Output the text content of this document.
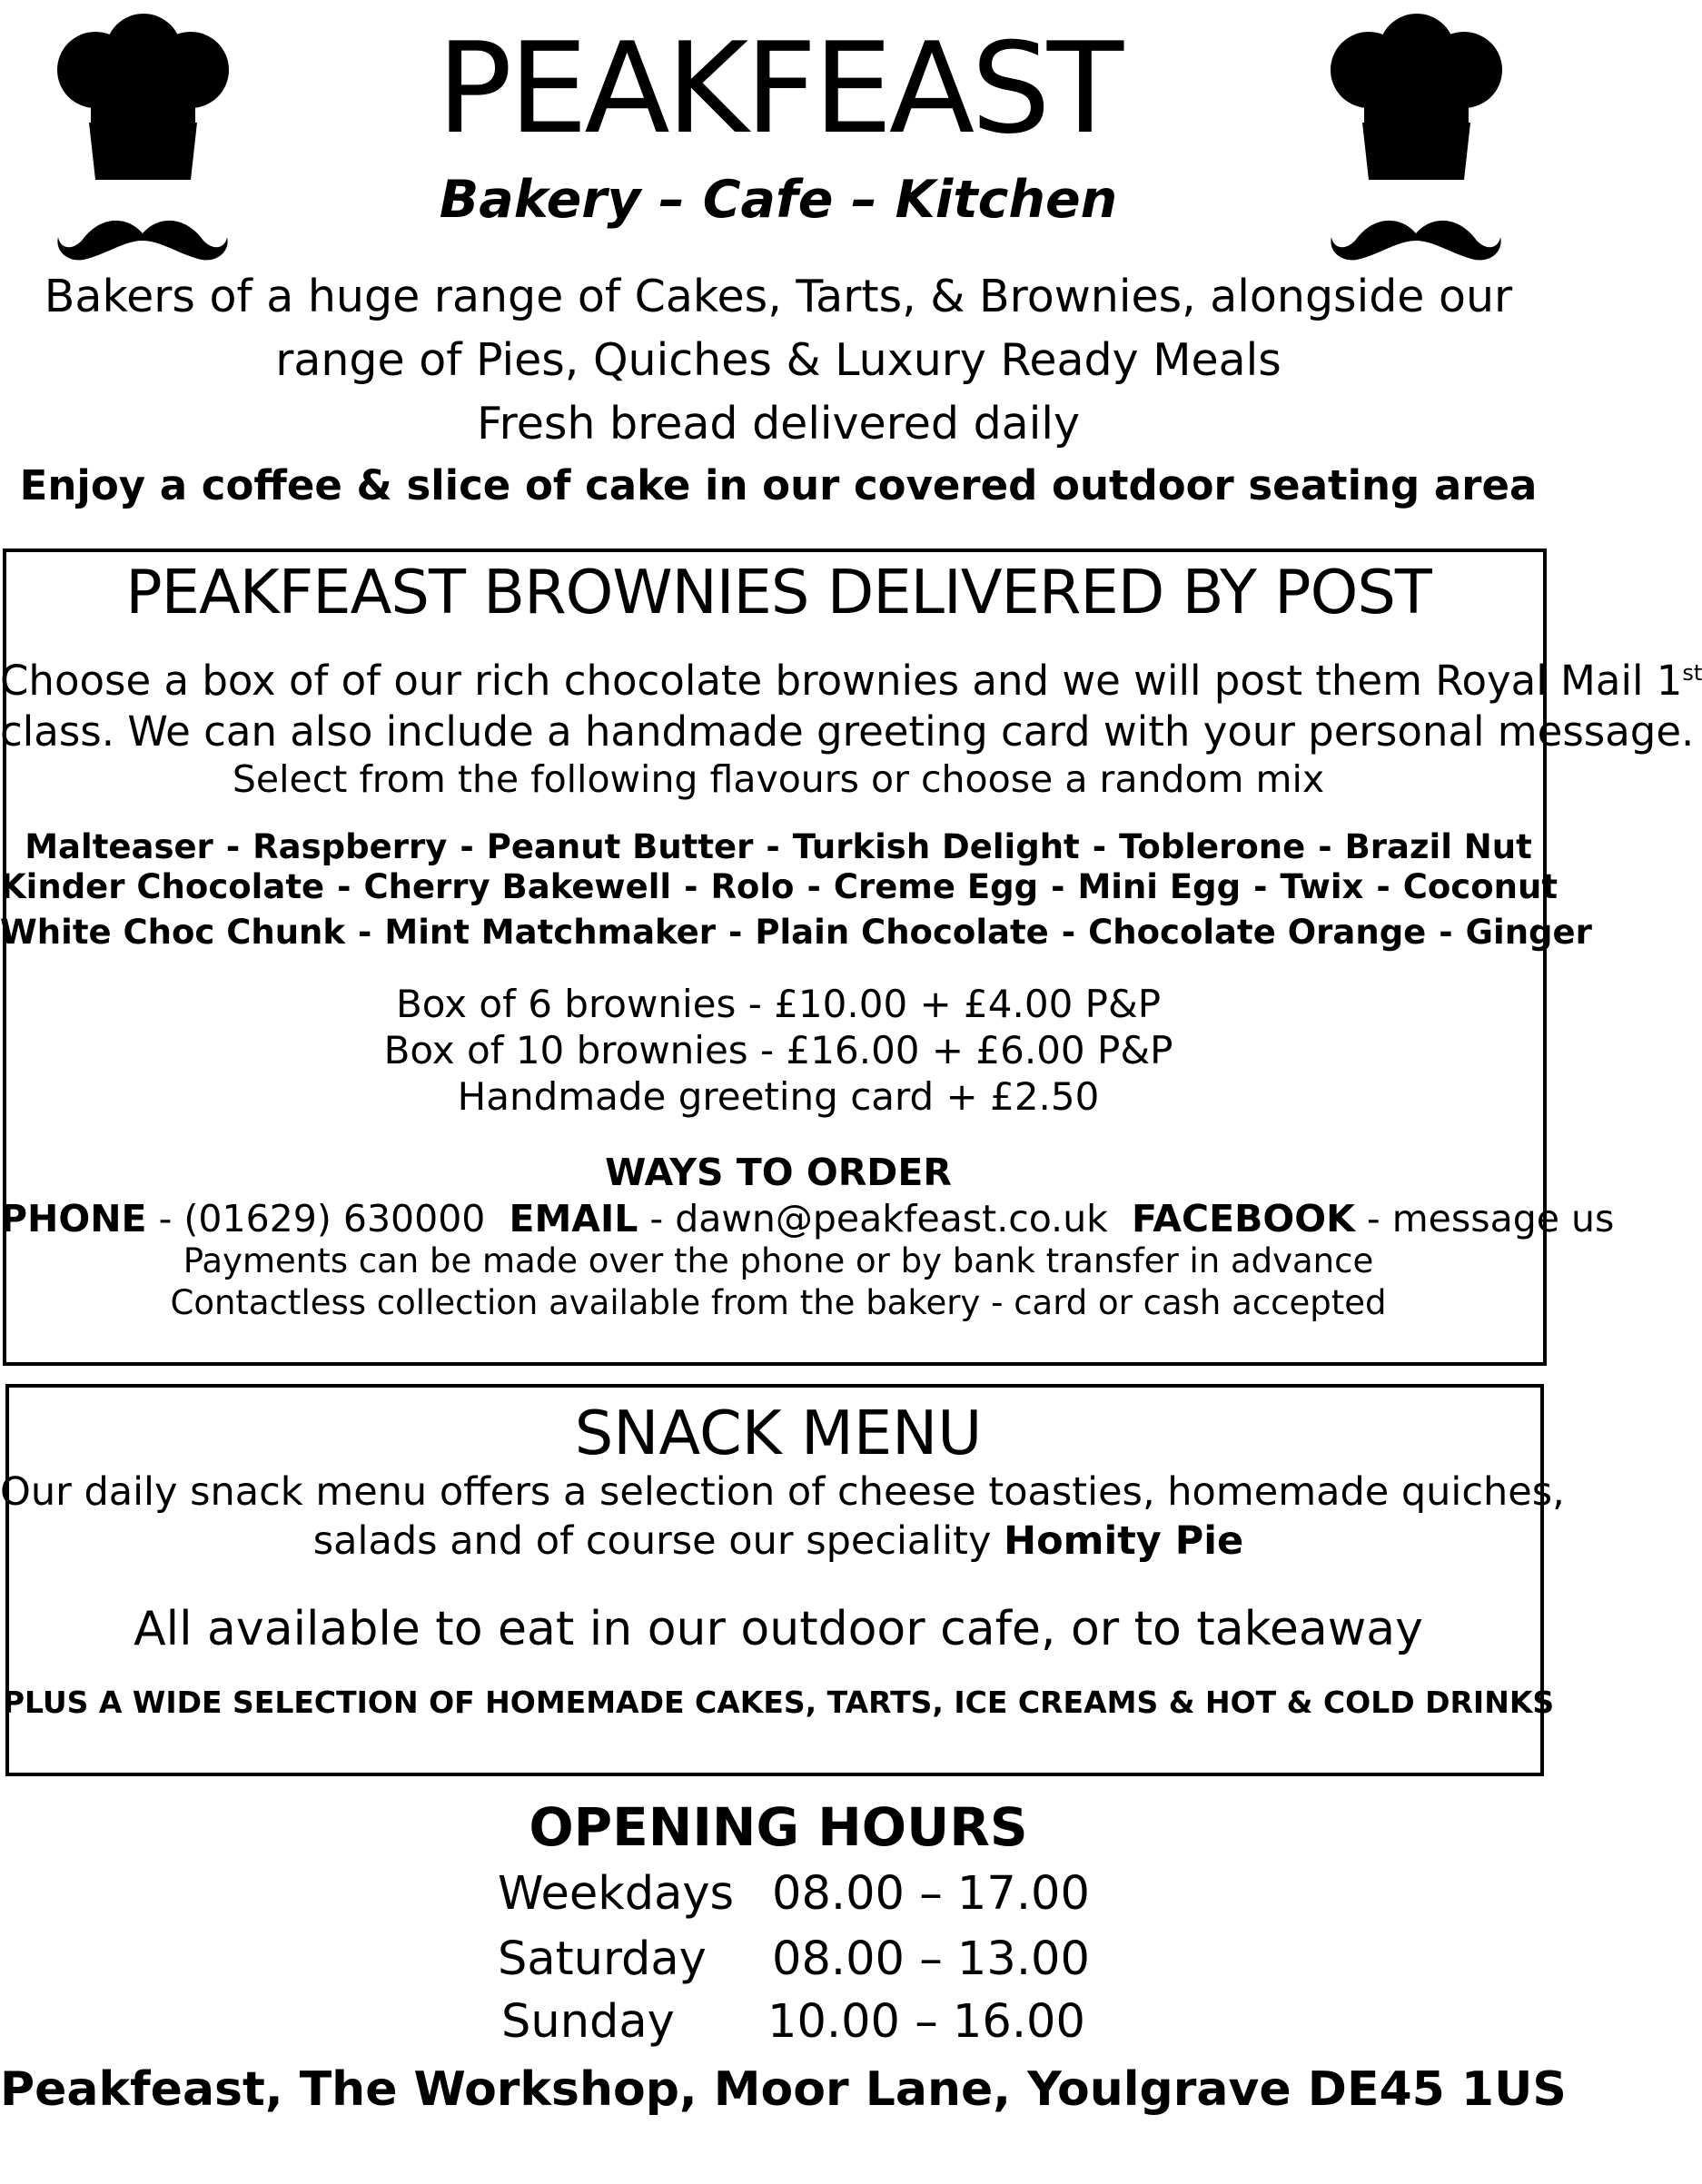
PEAKFEAST
Bakery – Cafe – Kitchen
Bakers of a huge range of Cakes, Tarts, & Brownies, alongside our
range of Pies, Quiches & Luxury Ready Meals
Fresh bread delivered daily
Enjoy a coffee & slice of cake in our covered outdoor seating area
PEAKFEAST BROWNIES DELIVERED BY POST
Choose a box of of our rich chocolate brownies and we will post them Royal Mail 1st
class. We can also include a handmade greeting card with your personal message.
Select from the following flavours or choose a random mix
Malteaser - Raspberry - Peanut Butter - Turkish Delight - Toblerone - Brazil Nut
Kinder Chocolate - Cherry Bakewell - Rolo - Creme Egg - Mini Egg - Twix - Coconut
White Choc Chunk - Mint Matchmaker - Plain Chocolate - Chocolate Orange - Ginger
Box of 6 brownies - £10.00 + £4.00 P&P
Box of 10 brownies - £16.00 + £6.00 P&P
Handmade greeting card + £2.50
WAYS TO ORDER
PHONE - (01629) 630000  EMAIL - dawn@peakfeast.co.uk  FACEBOOK - message us
Payments can be made over the phone or by bank transfer in advance
Contactless collection available from the bakery - card or cash accepted
SNACK MENU
Our daily snack menu offers a selection of cheese toasties, homemade quiches,
salads and of course our speciality Homity Pie
All available to eat in our outdoor cafe, or to takeaway
PLUS A WIDE SELECTION OF HOMEMADE CAKES, TARTS, ICE CREAMS & HOT & COLD DRINKS
OPENING HOURS
Weekdays 08.00 – 17.00
Saturday 08.00 – 13.00
Sunday 10.00 – 16.00
Peakfeast, The Workshop, Moor Lane, Youlgrave DE45 1US
